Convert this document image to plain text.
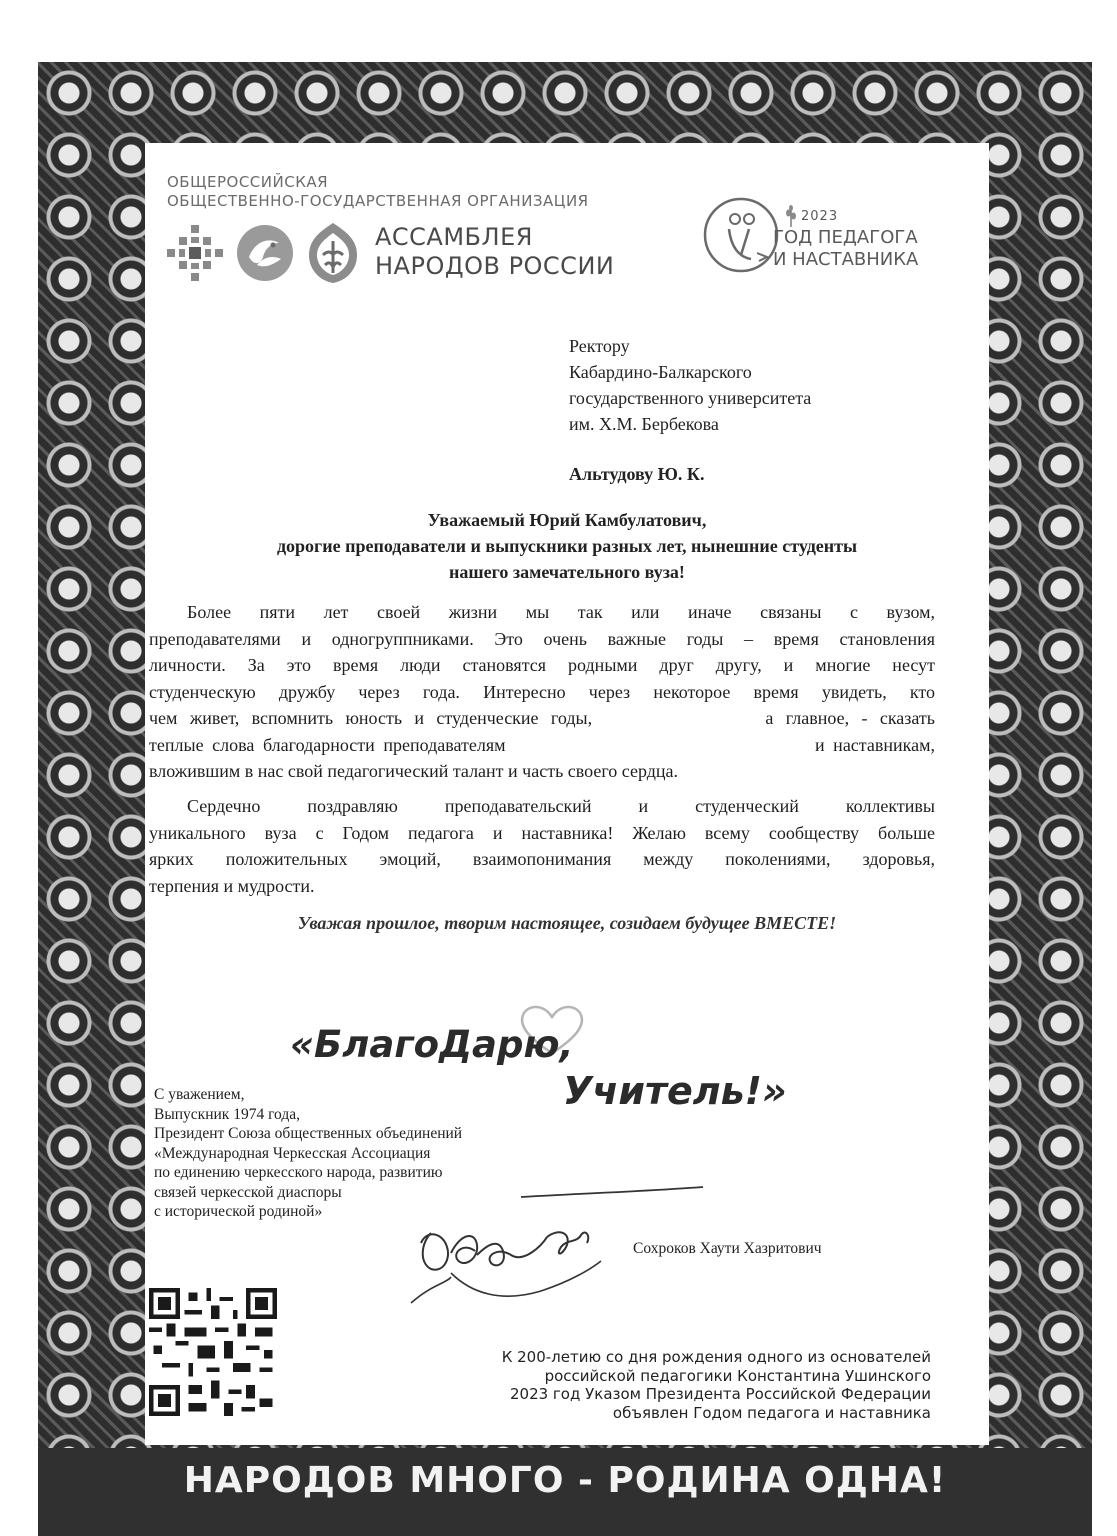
ОБЩЕРОССИЙСКАЯ
ОБЩЕСТВЕННО-ГОСУДАРСТВЕННАЯ ОРГАНИЗАЦИЯ
АССАМБЛЕЯ
НАРОДОВ РОССИИ
2023
ГОД ПЕДАГОГА
И НАСТАВНИКА
Ректору
Кабардино-Балкарского
государственного университета
им. Х.М. Бербекова
Альтудову Ю. К.
Уважаемый Юрий Камбулатович,
дорогие преподаватели и выпускники разных лет, нынешние студенты
нашего замечательного вуза!
Более пяти лет своей жизни мы так или иначе связаны с вузом,
преподавателями и одногруппниками. Это очень важные годы – время становления
личности. За это время люди становятся родными друг другу, и многие несут
студенческую дружбу через года. Интересно через некоторое время увидеть, кто
чем живет, вспомнить юность и студенческие годы,              а главное, - сказать
теплые слова благодарности преподавателям                                    и наставникам,
вложившим в нас свой педагогический талант и часть своего сердца.
Сердечно поздравляю преподавательский и студенческий коллективы
уникального вуза с Годом педагога и наставника! Желаю всему сообществу больше
ярких положительных эмоций, взаимопонимания между поколениями, здоровья,
терпения и мудрости.
Уважая прошлое, творим настоящее, созидаем будущее ВМЕСТЕ!
«БлагоДарю,
Учитель!»
С уважением,
Выпускник 1974 года,
Президент Союза общественных объединений
«Международная Черкесская Ассоциация
по единению черкесского народа, развитию
связей черкесской диаспоры
с исторической родиной»
Сохроков Хаути Хазритович
К 200-летию со дня рождения одного из основателей
российской педагогики Константина Ушинского
2023 год Указом Президента Российской Федерации
объявлен Годом педагога и наставника
НАРОДОВ МНОГО - РОДИНА ОДНА!
